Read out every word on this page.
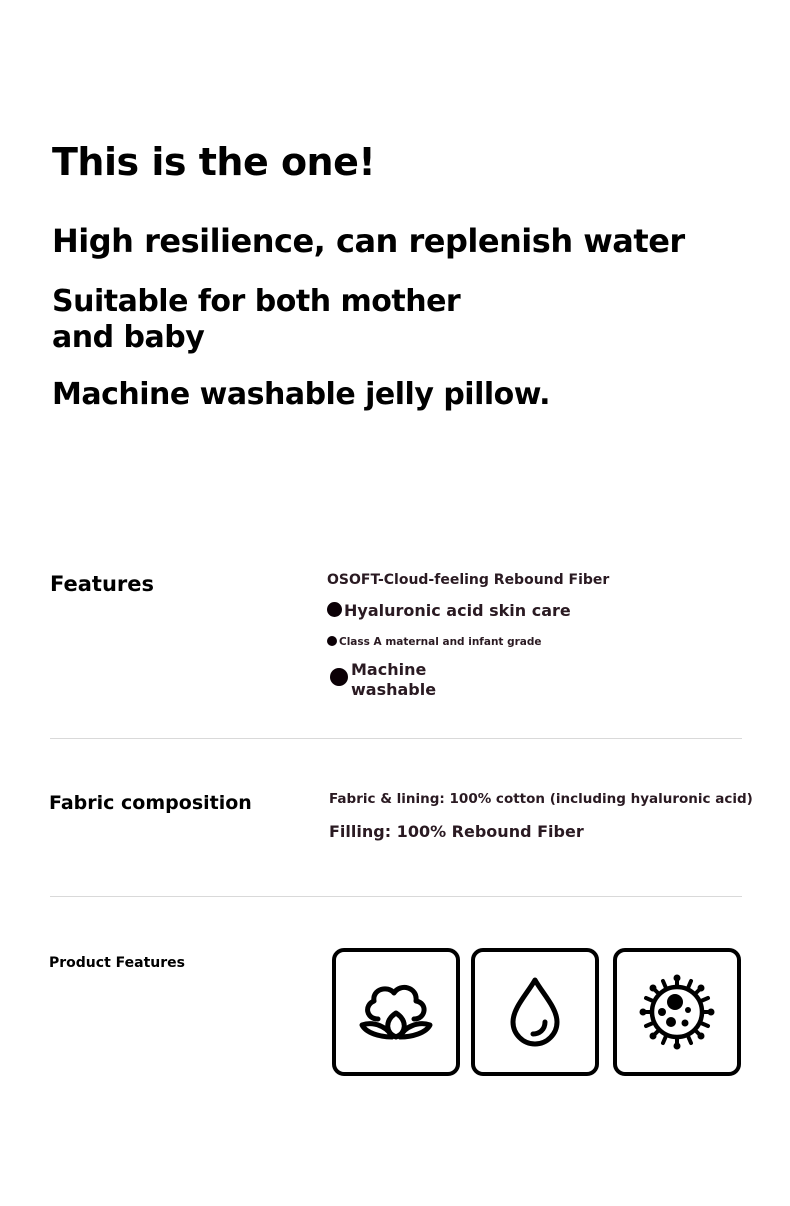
This is the one!
High resilience, can replenish water
Suitable for both mother and baby
Machine washable jelly pillow.
Features	OSOFT-Cloud-feeling Rebound Fiber
Hyaluronic acid skin care
Class A maternal and infant grade
Machine washable
Fabric composition	Fabric & lining: 100% cotton (including hyaluronic acid)
Filling: 100% Rebound Fiber
Product Features
